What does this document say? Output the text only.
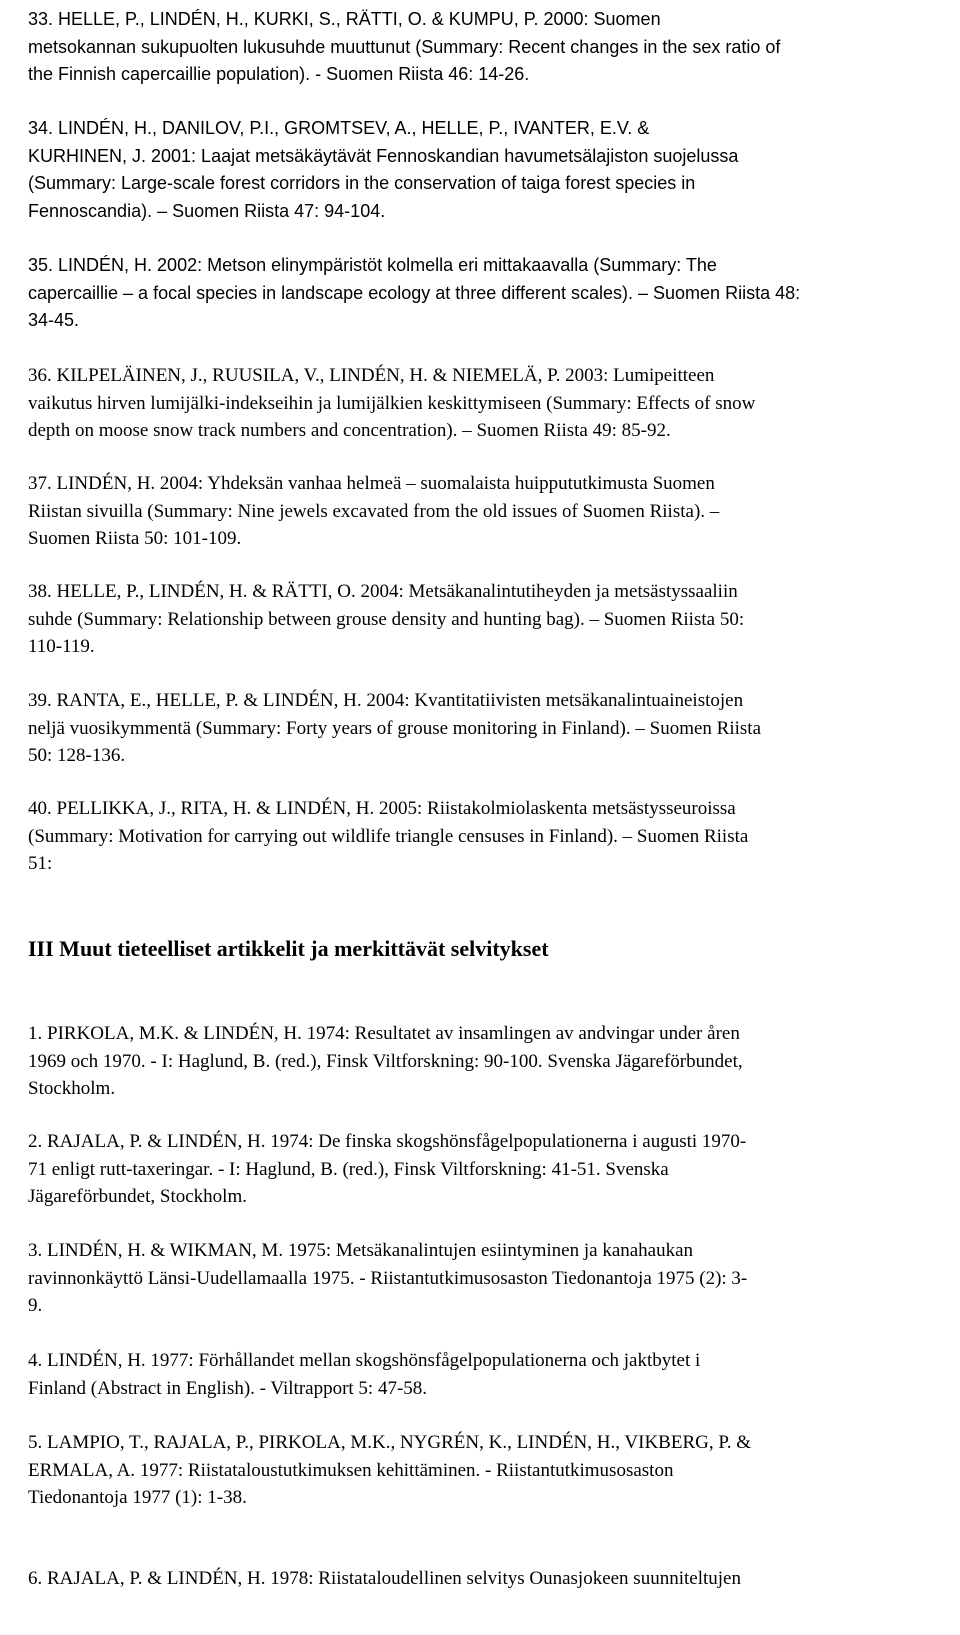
33. HELLE, P., LINDÉN, H., KURKI, S., RÄTTI, O. & KUMPU, P. 2000: Suomen
metsokannan sukupuolten lukusuhde muuttunut (Summary: Recent changes in the sex ratio of
the Finnish capercaillie population). - Suomen Riista 46: 14-26.

34. LINDÉN, H., DANILOV, P.I., GROMTSEV, A., HELLE, P., IVANTER, E.V. &
KURHINEN, J. 2001: Laajat metsäkäytävät Fennoskandian havumetsälajiston suojelussa
(Summary: Large-scale forest corridors in the conservation of taiga forest species in
Fennoscandia). – Suomen Riista 47: 94-104.

35. LINDÉN, H. 2002: Metson elinympäristöt kolmella eri mittakaavalla (Summary: The
capercaillie – a focal species in landscape ecology at three different scales). – Suomen Riista 48:
34-45.

36. KILPELÄINEN, J., RUUSILA, V., LINDÉN, H. & NIEMELÄ, P. 2003: Lumipeitteen
vaikutus hirven lumijälki-indekseihin ja lumijälkien keskittymiseen (Summary: Effects of snow
depth on moose snow track numbers and concentration). – Suomen Riista 49: 85-92.

37. LINDÉN, H. 2004: Yhdeksän vanhaa helmeä – suomalaista huippututkimusta Suomen
Riistan sivuilla (Summary: Nine jewels excavated from the old issues of Suomen Riista). –
Suomen Riista 50: 101-109.

38. HELLE, P., LINDÉN, H. & RÄTTI, O. 2004: Metsäkanalintutiheyden ja metsästyssaaliin
suhde (Summary: Relationship between grouse density and hunting bag). – Suomen Riista 50:
110-119.

39. RANTA, E., HELLE, P. & LINDÉN, H. 2004: Kvantitatiivisten metsäkanalintuaineistojen
neljä vuosikymmentä (Summary: Forty years of grouse monitoring in Finland). – Suomen Riista
50: 128-136.

40. PELLIKKA, J., RITA, H. & LINDÉN, H. 2005: Riistakolmiolaskenta metsästysseuroissa
(Summary: Motivation for carrying out wildlife triangle censuses in Finland). – Suomen Riista
51:

III Muut tieteelliset artikkelit ja merkittävät selvitykset

1. PIRKOLA, M.K. & LINDÉN, H. 1974: Resultatet av insamlingen av andvingar under åren
1969 och 1970. - I: Haglund, B. (red.), Finsk Viltforskning: 90-100. Svenska Jägareförbundet,
Stockholm.

2. RAJALA, P. & LINDÉN, H. 1974: De finska skogshönsfågelpopulationerna i augusti 1970-
71 enligt rutt-taxeringar. - I: Haglund, B. (red.), Finsk Viltforskning: 41-51. Svenska
Jägareförbundet, Stockholm.

3. LINDÉN, H. & WIKMAN, M. 1975: Metsäkanalintujen esiintyminen ja kanahaukan
ravinnonkäyttö Länsi-Uudellamaalla 1975. - Riistantutkimusosaston Tiedonantoja 1975 (2): 3-
9.

4. LINDÉN, H. 1977: Förhållandet mellan skogshönsfågelpopulationerna och jaktbytet i
Finland (Abstract in English). - Viltrapport 5: 47-58.

5. LAMPIO, T., RAJALA, P., PIRKOLA, M.K., NYGRÉN, K., LINDÉN, H., VIKBERG, P. &
ERMALA, A. 1977: Riistataloustutkimuksen kehittäminen. - Riistantutkimusosaston
Tiedonantoja 1977 (1): 1-38.

6. RAJALA, P. & LINDÉN, H. 1978: Riistataloudellinen selvitys Ounasjokeen suunniteltujen
